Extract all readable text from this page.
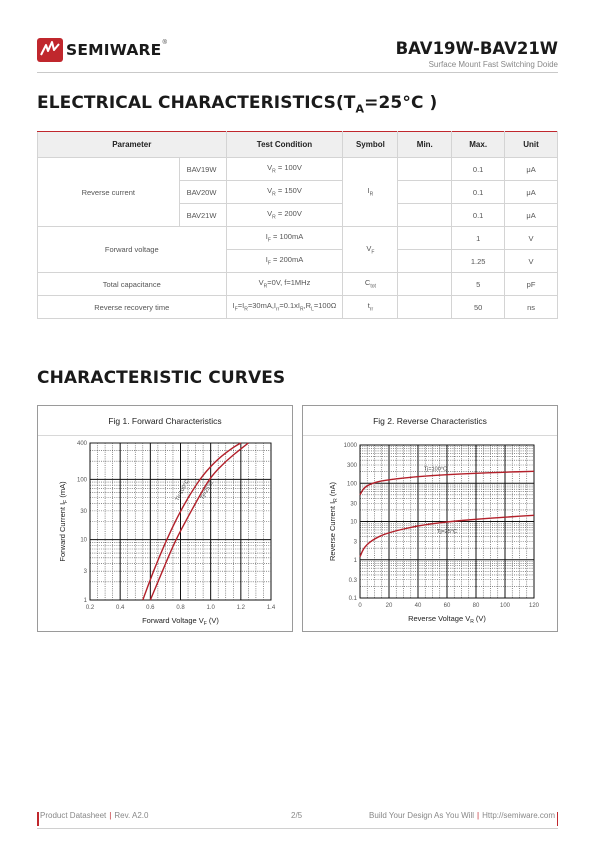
SEMIWARE ®	BAV19W-BAV21W
Surface Mount Fast Switching Doide
ELECTRICAL $CHARACTERISTICS(T_A=25^\circ C$ )
Parameter		Test Condition	Symbol	Min.	Max.	Unit
Reverse current	BAV19W	$V_R = 100V$	$I_R$		0.1	μA
	BAV20W	$V_R = 150V$			0.1	μA
	BAV21W	$V_R = 200V$			0.1	μA
Forward voltage		$I_F = 100mA$	$V_F$		1	V
		$I_F = 200mA$			1.25	V
Total capacitance		$V_R=0V$, f=1MHz	$C_{tot}$		5	pF
Reverse recovery time		$I_F=I_R=30mA,I_{rr}=0.1xI_R,R_L=100\Omega$	$t_{rr}$		50	ns
CHARACTERISTIC CURVES
Fig 1. Forward Characteristics
0.2	0.4	0.6	0.8	1.0	1.2	1.4
1
3
10
30
100
400
Tj=100°C Tj=25°C
Forward Voltage $V_F$ (V)
Forward Current $I_F$ (mA)
Fig 2. Reverse Characteristics
0	20	40	60	80	100	120
0.1
0.3
1
3
10
30
100
300
1000
Tj=100°C
Tj=25°C
Reverse Voltage $V_R$ (V)
Reverse Current $I_R$ (nA)
Product Datasheet | Rev. A2.0	2/5	Build Your Design As You Will | Http://semiware.com
